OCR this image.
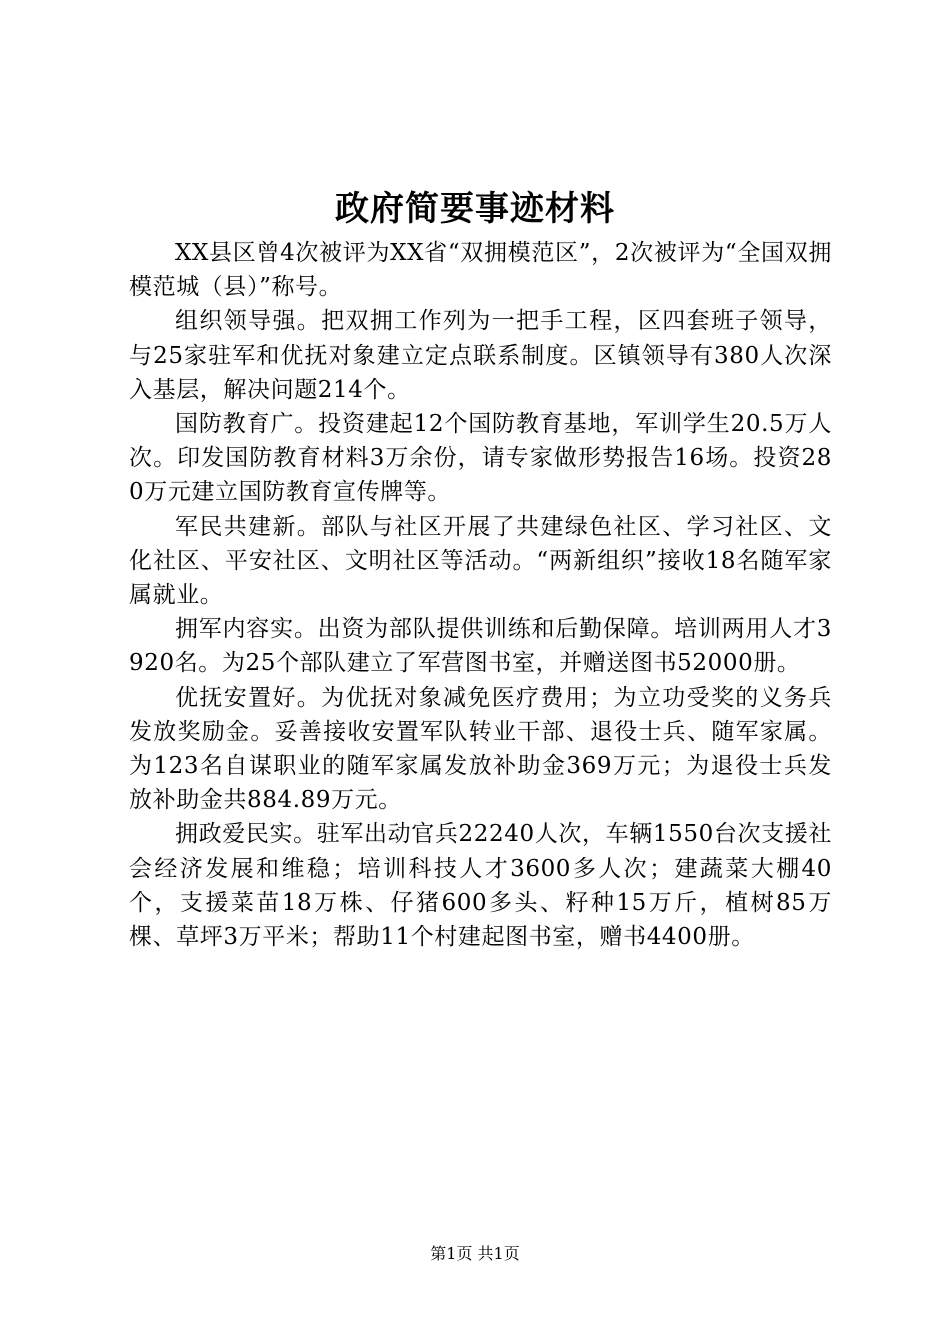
政府简要事迹材料

XX县区曾4次被评为XX省“双拥模范区”，2次被评为“全国双拥模范城（县）”称号。

组织领导强。把双拥工作列为一把手工程，区四套班子领导，与25家驻军和优抚对象建立定点联系制度。区镇领导有380人次深入基层，解决问题214个。

国防教育广。投资建起12个国防教育基地，军训学生20.5万人次。印发国防教育材料3万余份，请专家做形势报告16场。投资280万元建立国防教育宣传牌等。

军民共建新。部队与社区开展了共建绿色社区、学习社区、文化社区、平安社区、文明社区等活动。“两新组织”接收18名随军家属就业。

拥军内容实。出资为部队提供训练和后勤保障。培训两用人才3920名。为25个部队建立了军营图书室，并赠送图书52000册。

优抚安置好。为优抚对象减免医疗费用；为立功受奖的义务兵发放奖励金。妥善接收安置军队转业干部、退役士兵、随军家属。为123名自谋职业的随军家属发放补助金369万元；为退役士兵发放补助金共884.89万元。

拥政爱民实。驻军出动官兵22240人次，车辆1550台次支援社会经济发展和维稳；培训科技人才3600多人次；建蔬菜大棚40个，支援菜苗18万株、仔猪600多头、籽种15万斤，植树85万棵、草坪3万平米；帮助11个村建起图书室，赠书4400册。

第1页 共1页
